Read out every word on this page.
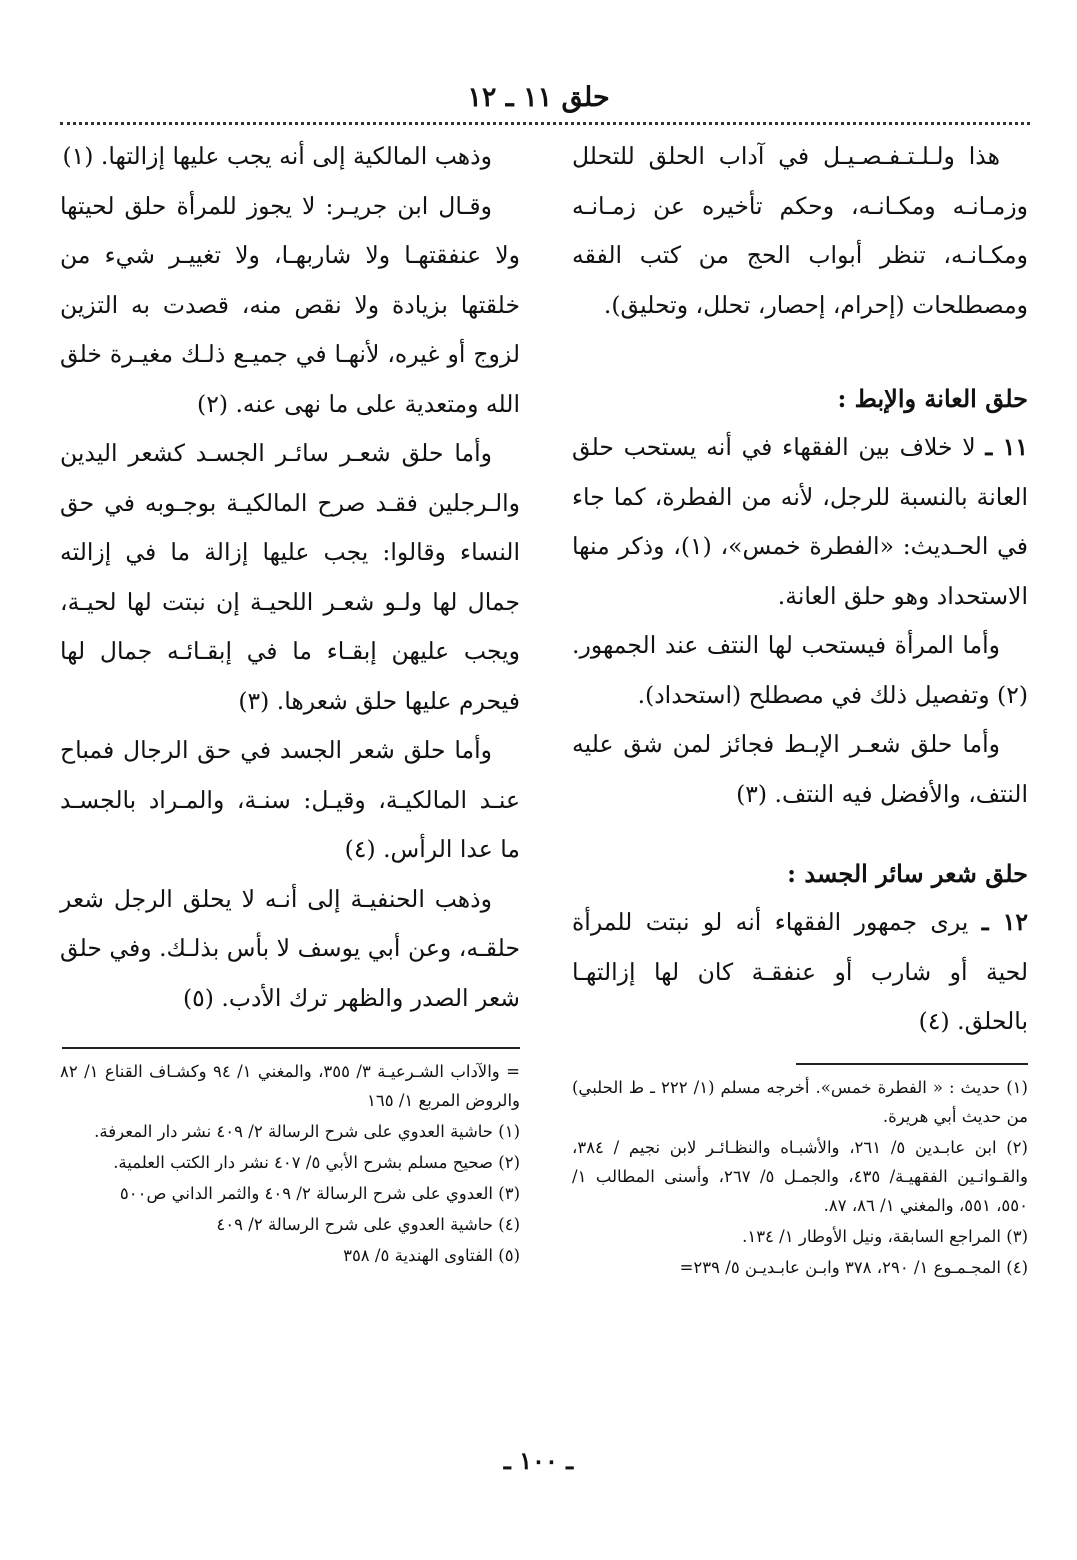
حلق ١١ ـ ١٢

هذا ولـلـتـفـصـيـل في آداب الحلق للتحلل وزمـانـه ومكـانـه، وحكم تأخيره عن زمـانـه ومكـانـه، تنظر أبواب الحج من كتب الفقه ومصطلحات (إحرام، إحصار، تحلل، وتحليق).

حلق العانة والإبط :

١١ ـ لا خلاف بين الفقهاء في أنه يستحب حلق العانة بالنسبة للرجل، لأنه من الفطرة، كما جاء في الحـديث: «الفطرة خمس»، (١)، وذكر منها الاستحداد وهو حلق العانة.

وأما المرأة فيستحب لها النتف عند الجمهور. (٢) وتفصيل ذلك في مصطلح (استحداد).

وأما حلق شعـر الإبـط فجائز لمن شق عليه النتف، والأفضل فيه النتف. (٣)

حلق شعر سائر الجسد :

١٢ ـ يرى جمهور الفقهاء أنه لو نبتت للمرأة لحية أو شارب أو عنفقـة كان لها إزالتهـا بالحلق. (٤)

(١) حديث : « الفطرة خمس». أخرجه مسلم (١/ ٢٢٢ ـ ط الحلبي) من حديث أبي هريرة.

(٢) ابن عابـدين ٥/ ٢٦١، والأشبـاه والنظـائـر لابن نجيم / ٣٨٤، والقـوانـين الفقهيـة/ ٤٣٥، والجمـل ٥/ ٢٦٧، وأسنى المطالب ١/ ٥٥٠، ٥٥١، والمغني ١/ ٨٦، ٨٧.

(٣) المراجع السابقة، ونيل الأوطار ١/ ١٣٤.

(٤) المجـمـوع ١/ ٢٩٠، ٣٧٨ وابـن عابـديـن ٥/ ٢٣٩=

وذهب المالكية إلى أنه يجب عليها إزالتها. (١)

وقـال ابن جريـر: لا يجوز للمرأة حلق لحيتها ولا عنفقتهـا ولا شاربهـا، ولا تغييـر شيء من خلقتها بزيادة ولا نقص منه، قصدت به التزين لزوج أو غيره، لأنهـا في جميـع ذلـك مغيـرة خلق الله ومتعدية على ما نهى عنه. (٢)

وأما حلق شعـر سائـر الجسـد كشعر اليدين والـرجلين فقـد صرح المالكيـة بوجـوبه في حق النساء وقالوا: يجب عليها إزالة ما في إزالته جمال لها ولـو شعـر اللحيـة إن نبتت لها لحيـة، ويجب عليهن إبقـاء ما في إبقـائـه جمال لها فيحرم عليها حلق شعرها. (٣)

وأما حلق شعر الجسد في حق الرجال فمباح عنـد المالكيـة، وقيـل: سنـة، والمـراد بالجسـد ما عدا الرأس. (٤)

وذهب الحنفيـة إلى أنـه لا يحلق الرجل شعر حلقـه، وعن أبي يوسف لا بأس بذلـك. وفي حلق شعر الصدر والظهر ترك الأدب. (٥)

= والآداب الشـرعيـة ٣/ ٣٥٥، والمغني ١/ ٩٤ وكشـاف القناع ١/ ٨٢ والروض المربع ١/ ١٦٥

(١) حاشية العدوي على شرح الرسالة ٢/ ٤٠٩ نشر دار المعرفة.

(٢) صحيح مسلم بشرح الأبي ٥/ ٤٠٧ نشر دار الكتب العلمية.

(٣) العدوي على شرح الرسالة ٢/ ٤٠٩ والثمر الداني ص٥٠٠

(٤) حاشية العدوي على شرح الرسالة ٢/ ٤٠٩

(٥) الفتاوى الهندية ٥/ ٣٥٨

ـ ١٠٠ ـ
